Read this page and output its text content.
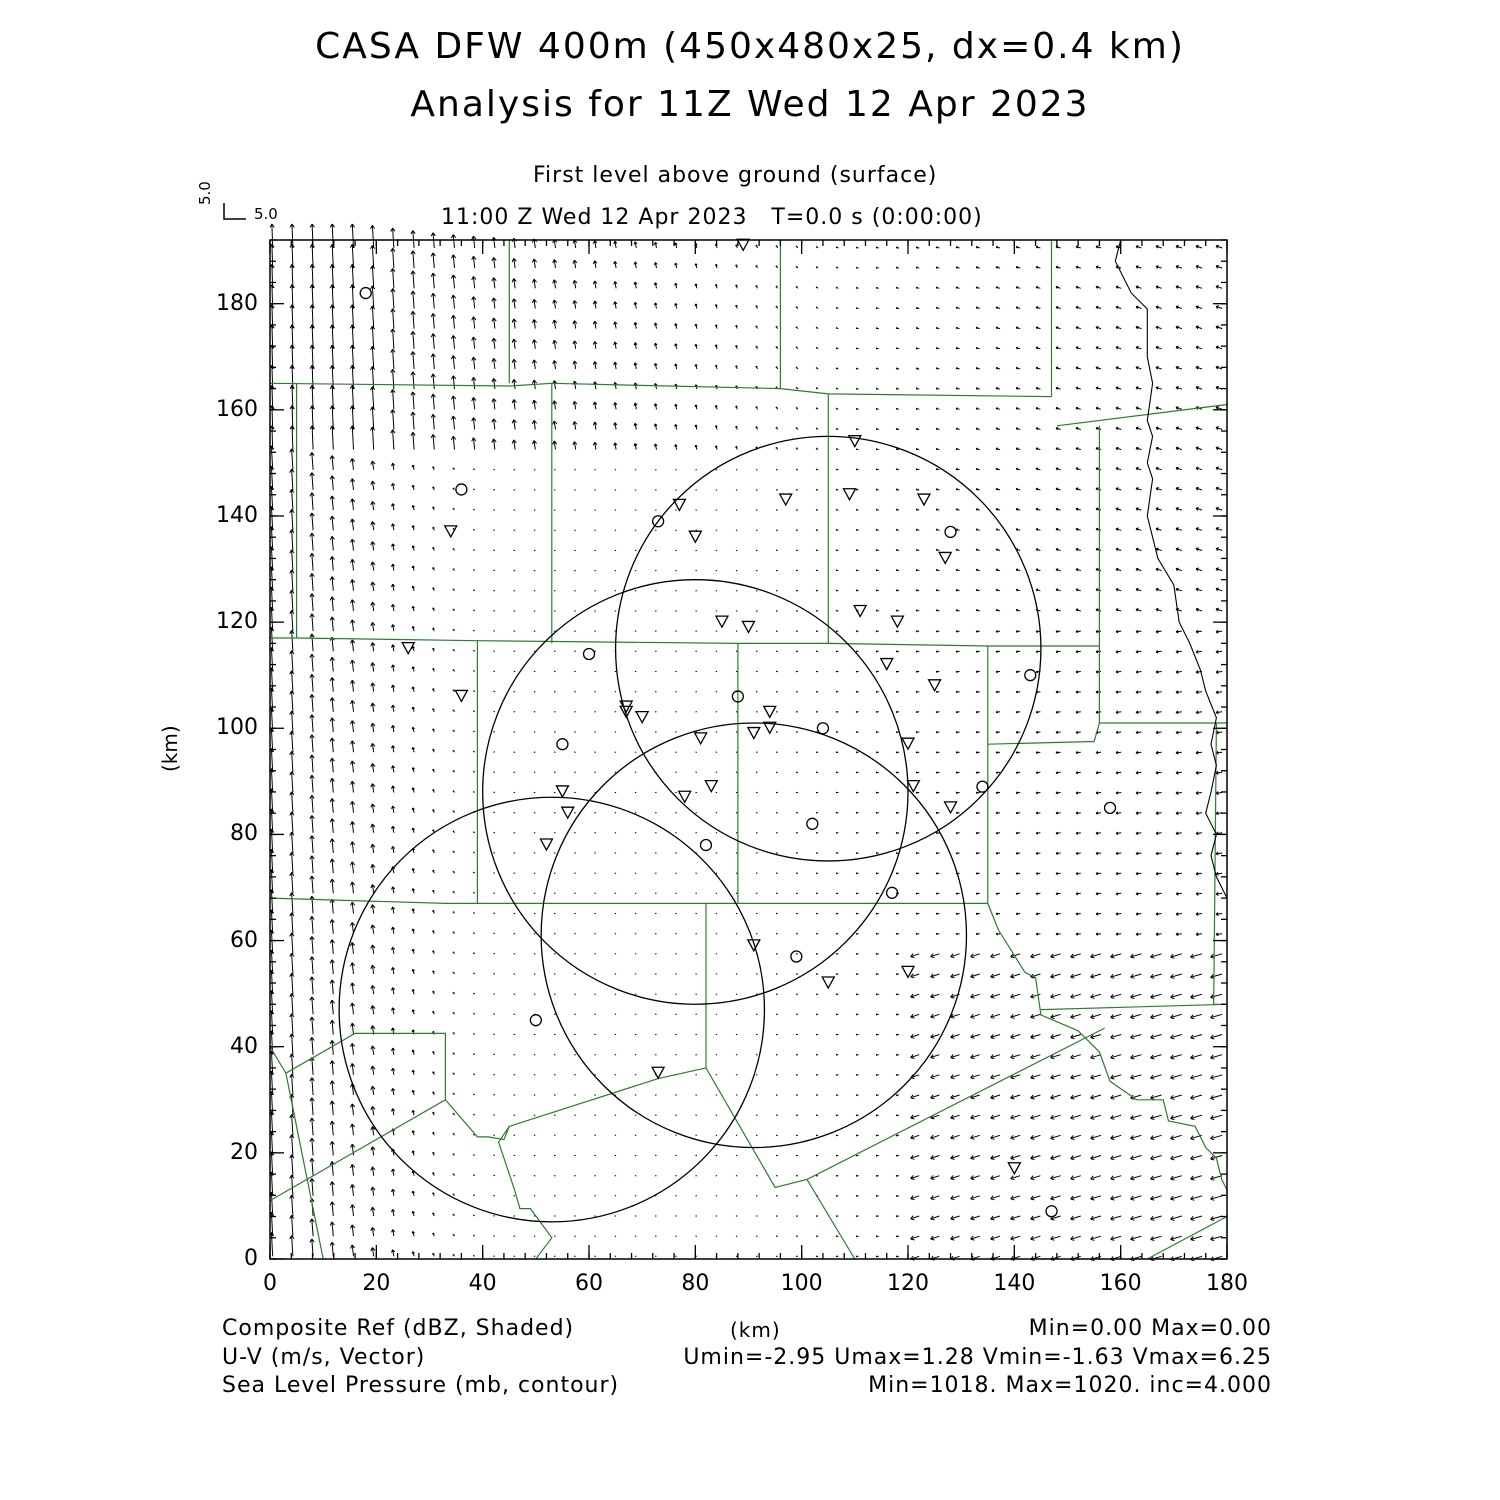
CASA DFW 400m (450x480x25, dx=0.4 km)
Analysis for 11Z Wed 12 Apr 2023
First level above ground (surface)
11:00 Z Wed 12 Apr 2023   T=0.0 s (0:00:00)
5.0
5.0
(km)
0
20
40
60
80
100
120
140
160
180
0	20	40	60	80	100	120	140	160	180
(km)
Composite Ref (dBZ, Shaded)	Min=0.00 Max=0.00
U-V (m/s, Vector)	Umin=-2.95 Umax=1.28 Vmin=-1.63 Vmax=6.25
Sea Level Pressure (mb, contour)	Min=1018. Max=1020. inc=4.000
